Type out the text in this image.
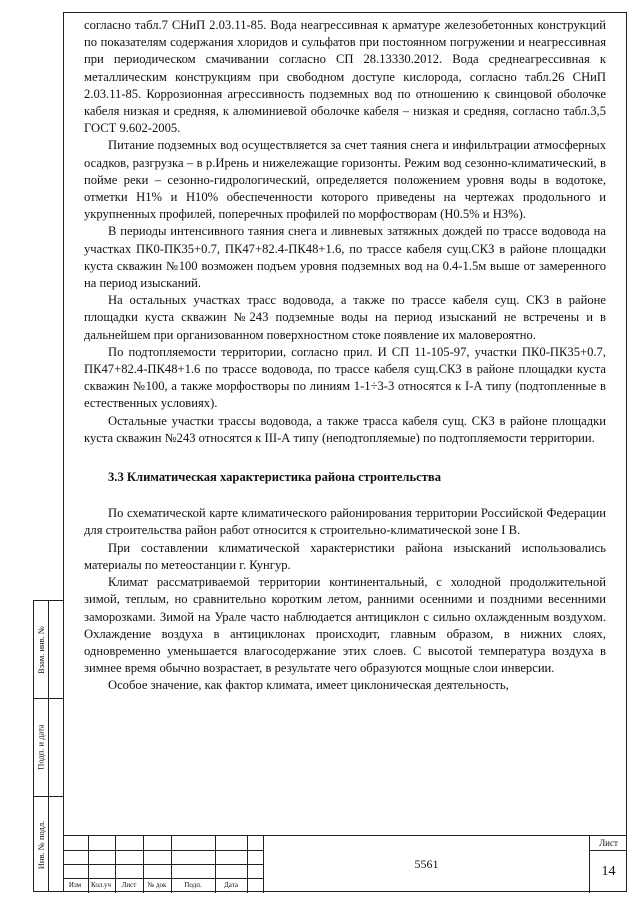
Взам. инв. №
Подп. и дата
Инв. № подл.

согласно табл.7 СНиП 2.03.11-85. Вода неагрессивная к арматуре железобетонных конструкций по показателям содержания хлоридов и сульфатов при постоянном погружении и неагрессивная при периодическом смачивании согласно СП 28.13330.2012. Вода среднеагрессивная к металлическим конструкциям при свободном доступе кислорода, согласно табл.26 СНиП 2.03.11-85. Коррозионная агрессивность подземных вод по отношению к свинцовой оболочке кабеля низкая и средняя, к алюминиевой оболочке кабеля – низкая и средняя, согласно табл.3,5 ГОСТ 9.602-2005.

Питание подземных вод осуществляется за счет таяния снега и инфильтрации атмосферных осадков, разгрузка – в р.Ирень и нижележащие горизонты. Режим вод сезонно-климатический, в пойме реки – сезонно-гидрологический, определяется положением уровня воды в водотоке, отметки Н1% и Н10% обеспеченности которого приведены на чертежах продольного и укрупненных профилей, поперечных профилей по морфостворам (Н0.5% и Н3%).

В периоды интенсивного таяния снега и ливневых затяжных дождей по трассе водовода на участках ПК0-ПК35+0.7, ПК47+82.4-ПК48+1.6, по трассе кабеля сущ.СКЗ в районе площадки куста скважин №100 возможен подъем уровня подземных вод на 0.4-1.5м выше от замеренного на период изысканий.

На остальных участках трасс водовода, а также по трассе кабеля сущ. СКЗ в районе площадки куста скважин №243 подземные воды на период изысканий не встречены и в дальнейшем при организованном поверхностном стоке появление их маловероятно.

По подтопляемости территории, согласно прил. И СП 11-105-97, участки ПК0-ПК35+0.7, ПК47+82.4-ПК48+1.6 по трассе водовода, по трассе кабеля сущ.СКЗ в районе площадки куста скважин №100, а также морфостворы по линиям 1-1÷3-3 относятся к I-А типу (подтопленные в естественных условиях).

Остальные участки трассы водовода, а также трасса кабеля сущ. СКЗ в районе площадки куста скважин №243 относятся к III-А типу (неподтопляемые) по подтопляемости территории.

3.3 Климатическая характеристика района строительства

По схематической карте климатического районирования территории Российской Федерации для строительства район работ относится к строительно-климатической зоне I В.

При составлении климатической характеристики района изысканий использовались материалы по метеостанции г. Кунгур.

Климат рассматриваемой территории континентальный, с холодной продолжительной зимой, теплым, но сравнительно коротким летом, ранними осенними и поздними весенними заморозками. Зимой на Урале часто наблюдается антициклон с сильно охлажденным воздухом. Охлаждение воздуха в антициклонах происходит, главным образом, в нижних слоях, одновременно уменьшается влагосодержание этих слоев. С высотой температура воздуха в зимнее время обычно возрастает, в результате чего образуются мощные слои инверсии.

Особое значение, как фактор климата, имеет циклоническая деятельность,

Изм	Кол.уч	Лист	№ док	Подп.	Дата
5561
Лист
14
